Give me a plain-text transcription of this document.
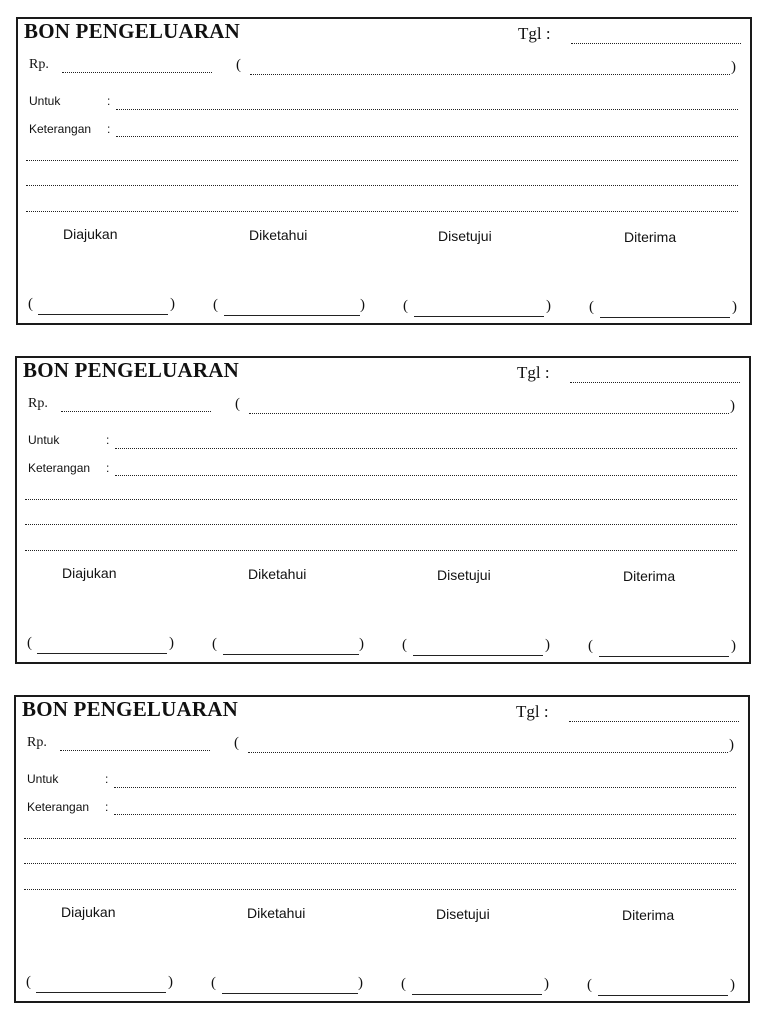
BON PENGELUARAN	Tgl :
Rp.	(	)
Untuk	:
Keterangan :
Diajukan	Diketahui	Disetujui	Diterima
(	)	(	)	(	)	(	)
BON PENGELUARAN	Tgl :
Rp.	(	)
Untuk	:
Keterangan :
Diajukan	Diketahui	Disetujui	Diterima
(	)	(	)	(	)	(	)
BON PENGELUARAN	Tgl :
Rp.	(	)
Untuk	:
Keterangan :
Diajukan	Diketahui	Disetujui	Diterima
(	)	(	)	(	)	(	)
